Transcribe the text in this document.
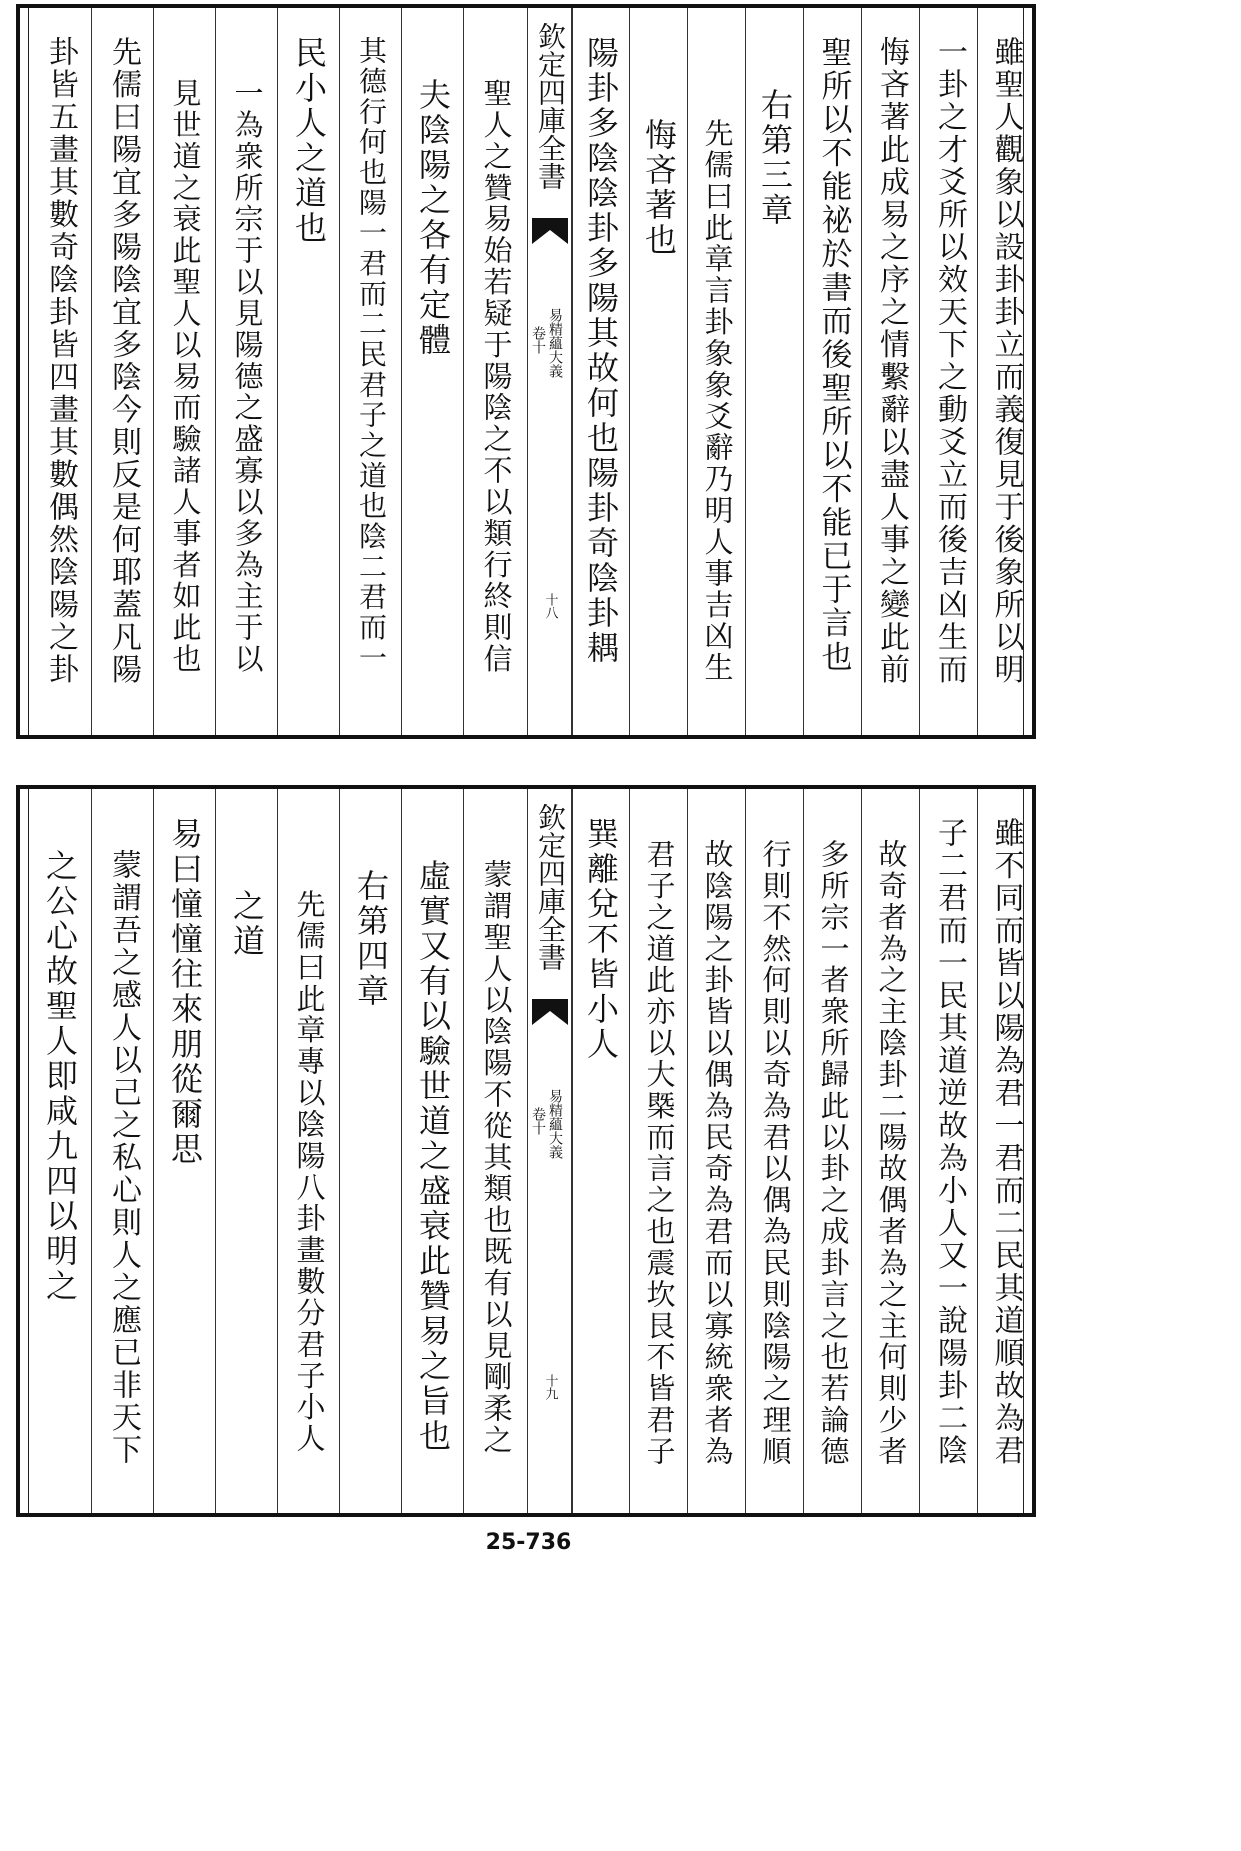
卦皆五畫其數奇陰卦皆四畫其數偶然陰陽之卦 先儒曰陽宜多陽陰宜多陰今則反是何耶蓋凡陽 見世道之衰此聖人以易而驗諸人事者如此也 一為衆所宗于以見陽德之盛寡以多為主于以 民小人之道也 其德行何也陽一君而二民君子之道也陰二君而一 夫陰陽之各有定體 聖人之贊易始若疑于陽陰之不以類行終則信 欽定四庫全書
易精蘊大義
卷十
十八 陽卦多陰陰卦多陽其故何也陽卦奇陰卦耦 悔吝著也 先儒曰此章言卦象象爻辭乃明人事吉凶生 右第三章 聖所以不能祕於書而後聖所以不能已于言也 悔吝著此成易之序之情繫辭以盡人事之變此前 一卦之才爻所以效天下之動爻立而後吉凶生而 雖聖人觀象以設卦卦立而義復見于後象所以明
之公心故聖人即咸九四以明之 蒙謂吾之感人以己之私心則人之應已非天下 易曰憧憧往來朋從爾思 之道 先儒曰此章專以陰陽八卦畫數分君子小人 右第四章 虛實又有以驗世道之盛衰此贊易之旨也 蒙謂聖人以陰陽不從其類也既有以見剛柔之 欽定四庫全書
易精蘊大義
卷十
十九
巽離兌不皆小人 君子之道此亦以大槩而言之也震坎艮不皆君子 故陰陽之卦皆以偶為民奇為君而以寡統衆者為 行則不然何則以奇為君以偶為民則陰陽之理順 多所宗一者衆所歸此以卦之成卦言之也若論德 故奇者為之主陰卦二陽故偶者為之主何則少者 子二君而一民其道逆故為小人又一說陽卦二陰 雖不同而皆以陽為君一君而二民其道順故為君
25-736
